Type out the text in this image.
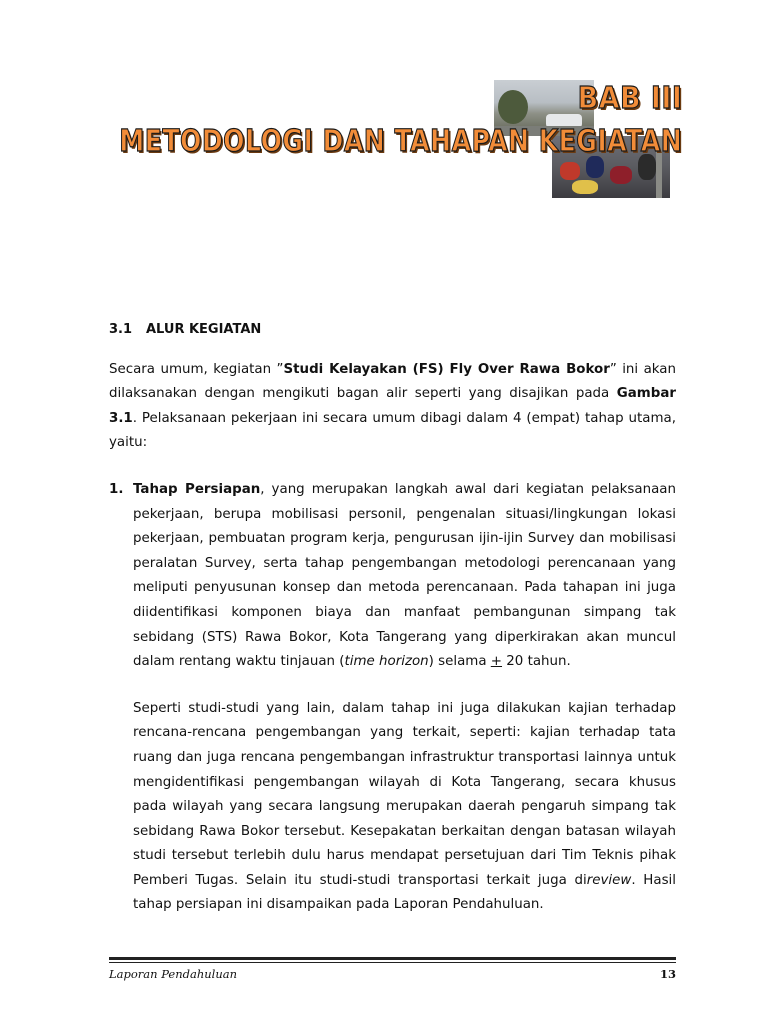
BAB III
METODOLOGI DAN TAHAPAN KEGIATAN
3.1 ALUR KEGIATAN

Secara umum, kegiatan ”Studi Kelayakan (FS) Fly Over Rawa Bokor” ini akan dilaksanakan dengan mengikuti bagan alir seperti yang disajikan pada Gambar 3.1. Pelaksanaan pekerjaan ini secara umum dibagi dalam 4 (empat) tahap utama, yaitu:

1. Tahap Persiapan, yang merupakan langkah awal dari kegiatan pelaksanaan pekerjaan, berupa mobilisasi personil, pengenalan situasi/lingkungan lokasi pekerjaan, pembuatan program kerja, pengurusan ijin-ijin Survey dan mobilisasi peralatan Survey, serta tahap pengembangan metodologi perencanaan yang meliputi penyusunan konsep dan metoda perencanaan. Pada tahapan ini juga diidentifikasi komponen biaya dan manfaat pembangunan simpang tak sebidang (STS) Rawa Bokor, Kota Tangerang yang diperkirakan akan muncul dalam rentang waktu tinjauan (time horizon) selama + 20 tahun.

Seperti studi-studi yang lain, dalam tahap ini juga dilakukan kajian terhadap rencana-rencana pengembangan yang terkait, seperti: kajian terhadap tata ruang dan juga rencana pengembangan infrastruktur transportasi lainnya untuk mengidentifikasi pengembangan wilayah di Kota Tangerang, secara khusus pada wilayah yang secara langsung merupakan daerah pengaruh simpang tak sebidang Rawa Bokor tersebut. Kesepakatan berkaitan dengan batasan wilayah studi tersebut terlebih dulu harus mendapat persetujuan dari Tim Teknis pihak Pemberi Tugas. Selain itu studi-studi transportasi terkait juga direview. Hasil tahap persiapan ini disampaikan pada Laporan Pendahuluan.

Laporan Pendahuluan	13
